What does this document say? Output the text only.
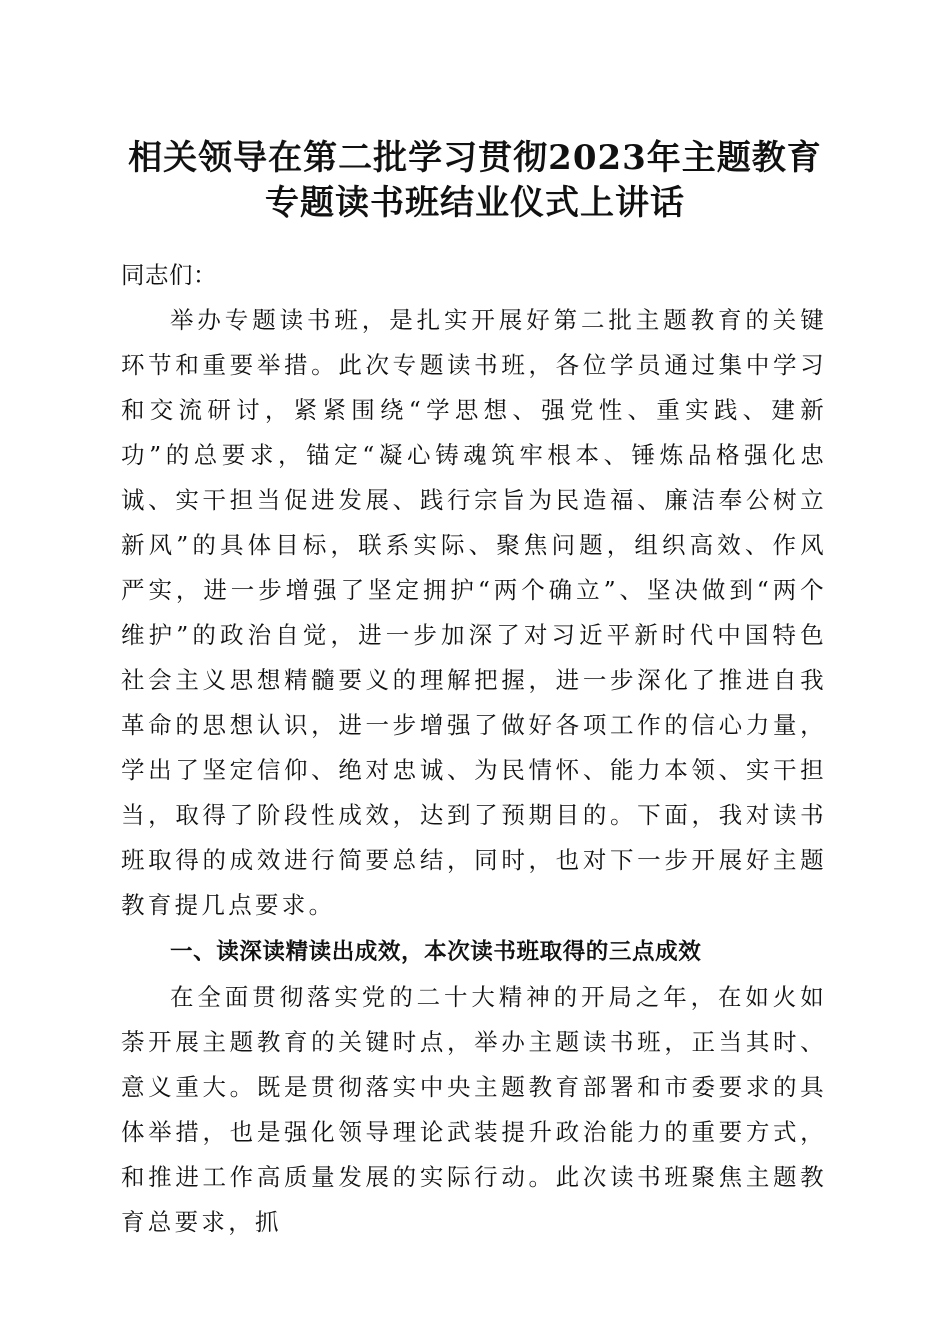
相关领导在第二批学习贯彻2023年主题教育
专题读书班结业仪式上讲话

同志们：

举办专题读书班，是扎实开展好第二批主题教育的关键环节和重要举措。此次专题读书班，各位学员通过集中学习和交流研讨，紧紧围绕“学思想、强党性、重实践、建新功”的总要求，锚定“凝心铸魂筑牢根本、锤炼品格强化忠诚、实干担当促进发展、践行宗旨为民造福、廉洁奉公树立新风”的具体目标，联系实际、聚焦问题，组织高效、作风严实，进一步增强了坚定拥护“两个确立”、坚决做到“两个维护”的政治自觉，进一步加深了对习近平新时代中国特色社会主义思想精髓要义的理解把握，进一步深化了推进自我革命的思想认识，进一步增强了做好各项工作的信心力量，学出了坚定信仰、绝对忠诚、为民情怀、能力本领、实干担当，取得了阶段性成效，达到了预期目的。下面，我对读书班取得的成效进行简要总结，同时，也对下一步开展好主题教育提几点要求。

一、读深读精读出成效，本次读书班取得的三点成效

在全面贯彻落实党的二十大精神的开局之年，在如火如荼开展主题教育的关键时点，举办主题读书班，正当其时、意义重大。既是贯彻落实中央主题教育部署和市委要求的具体举措，也是强化领导理论武装提升政治能力的重要方式，和推进工作高质量发展的实际行动。此次读书班聚焦主题教育总要求，抓
